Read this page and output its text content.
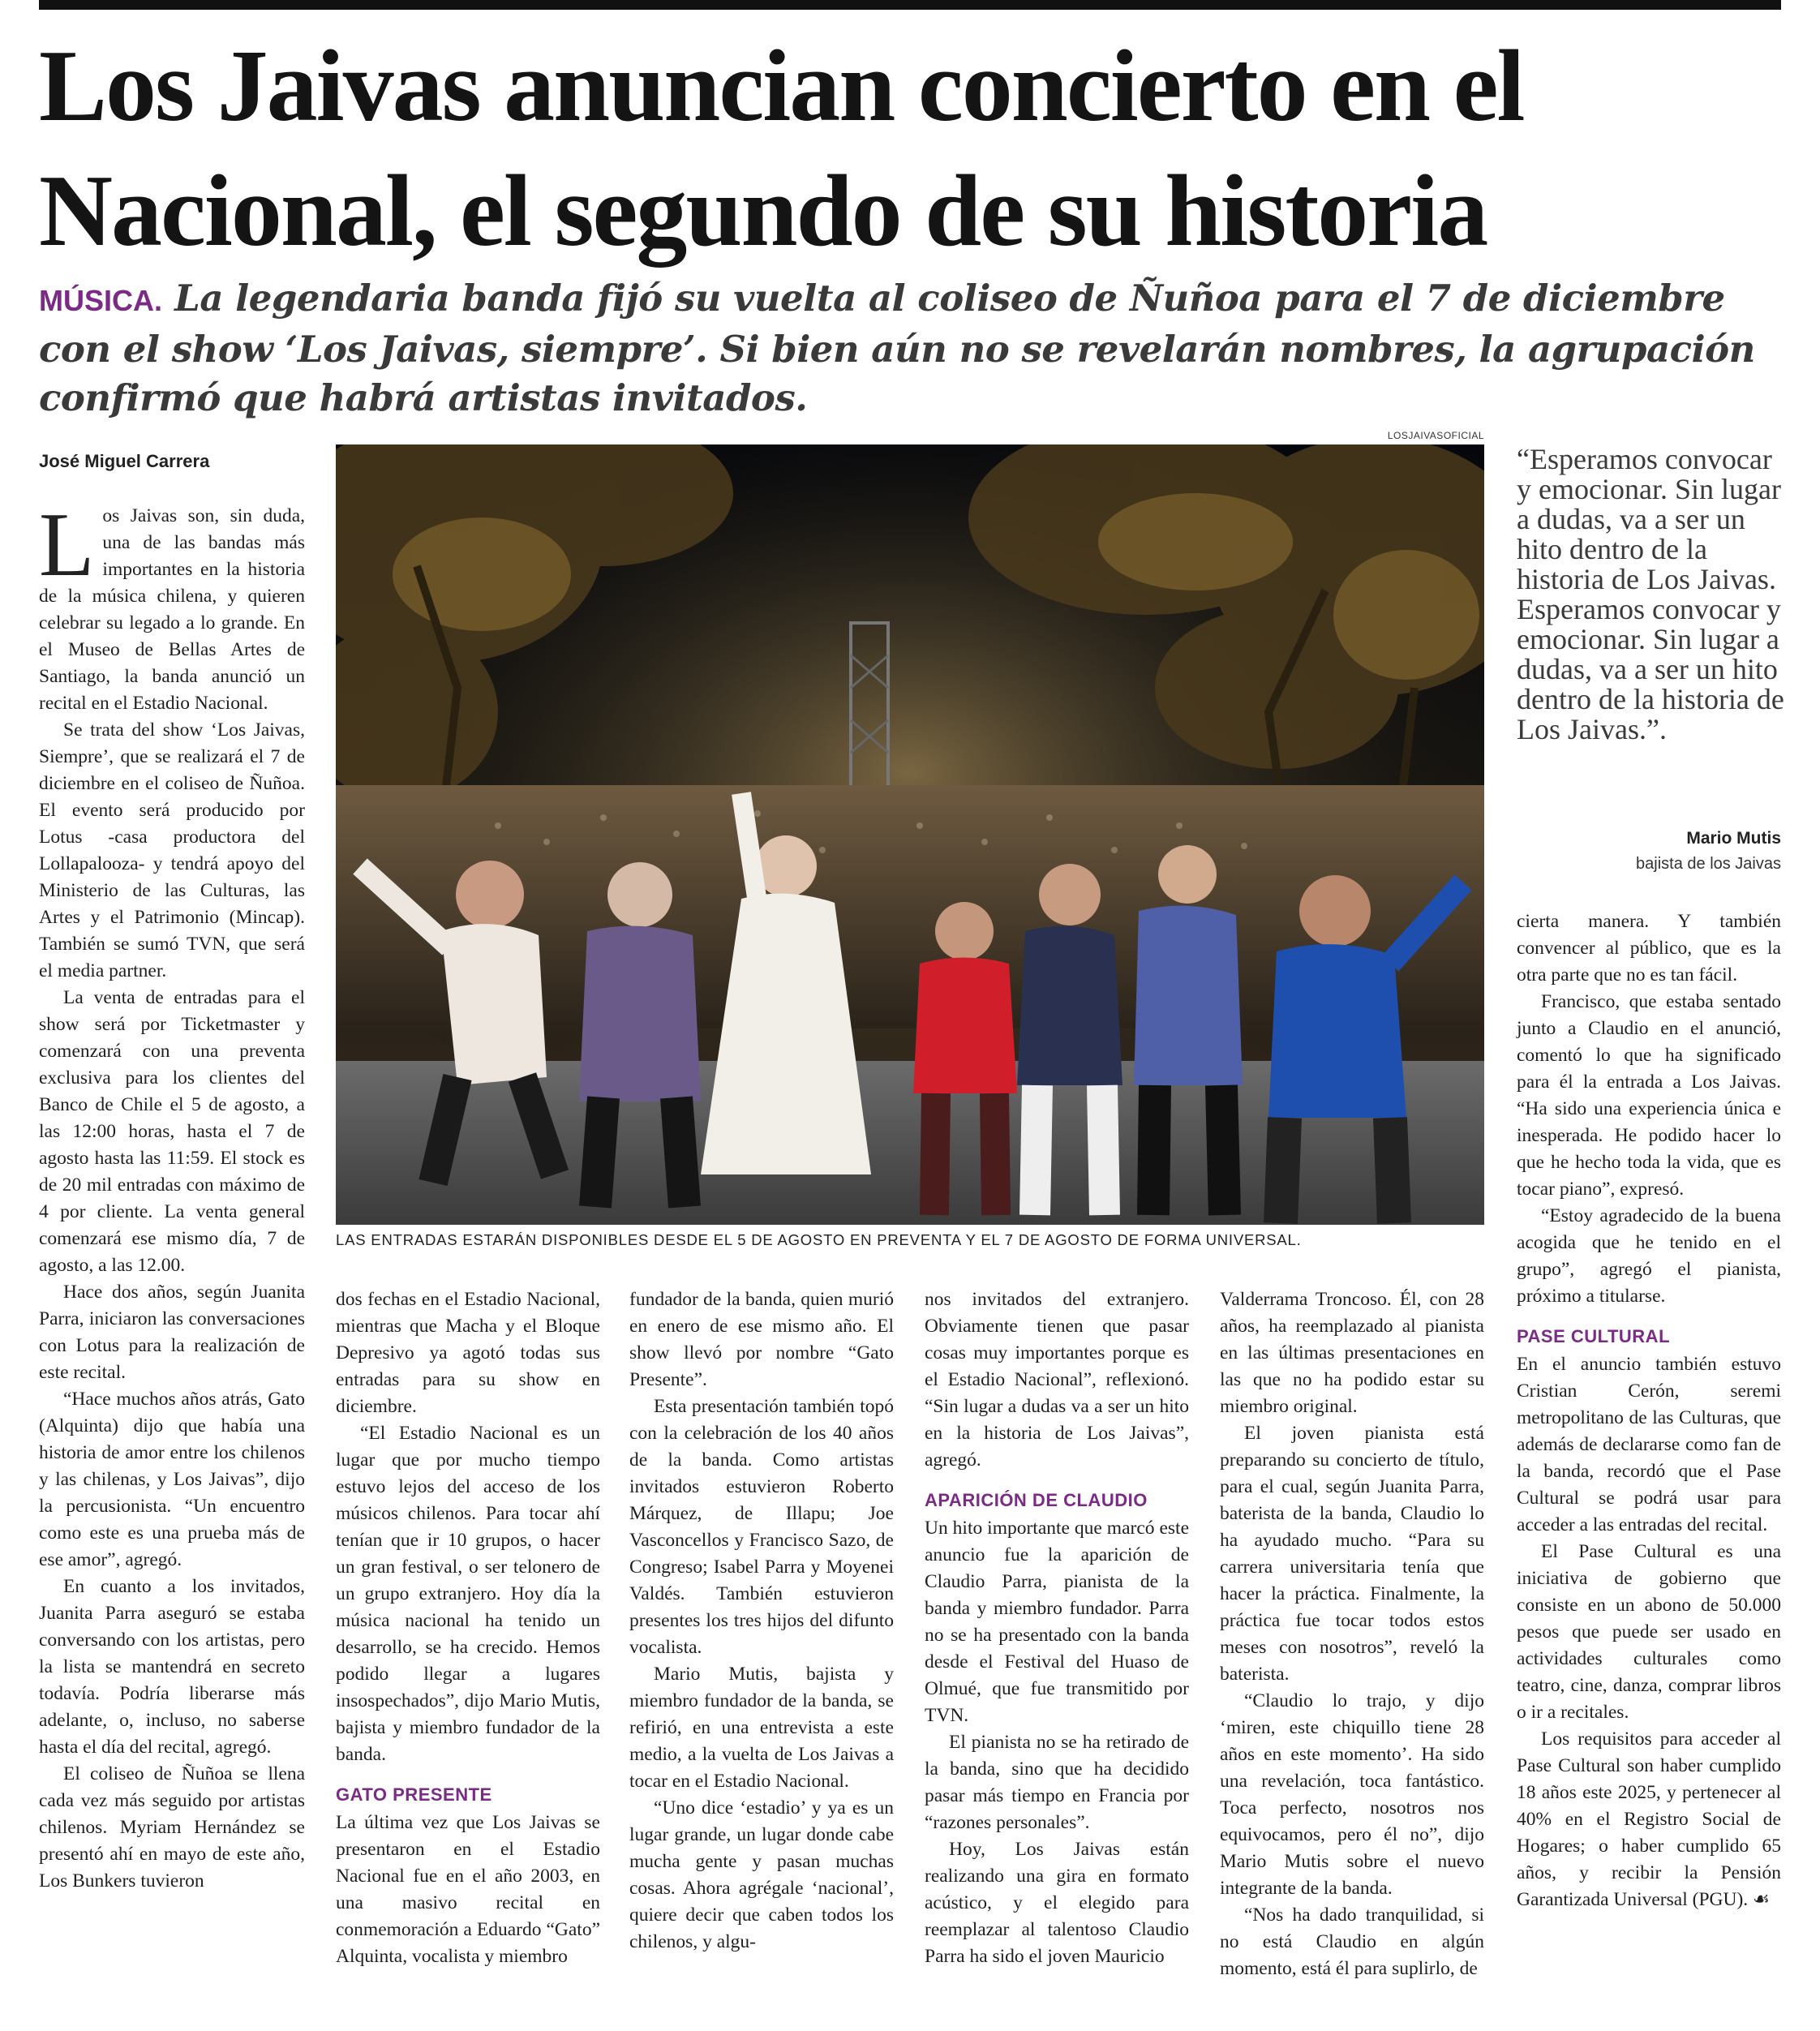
Los Jaivas anuncian concierto en el Nacional, el segundo de su historia

MÚSICA. La legendaria banda fijó su vuelta al coliseo de Ñuñoa para el 7 de diciembre con el show ‘Los Jaivas, siempre’. Si bien aún no se revelarán nombres, la agrupación confirmó que habrá artistas invitados.

José Miguel Carrera

LOSJAIVASOFICIAL
LAS ENTRADAS ESTARÁN DISPONIBLES DESDE EL 5 DE AGOSTO EN PREVENTA Y EL 7 DE AGOSTO DE FORMA UNIVERSAL.

Los Jaivas son, sin duda, una de las bandas más importantes en la historia de la música chilena, y quieren celebrar su legado a lo grande. En el Museo de Bellas Artes de Santiago, la banda anunció un recital en el Estadio Nacional.

Se trata del show ‘Los Jaivas, Siempre’, que se realizará el 7 de diciembre en el coliseo de Ñuñoa. El evento será producido por Lotus -casa productora del Lollapalooza- y tendrá apoyo del Ministerio de las Culturas, las Artes y el Patrimonio (Mincap). También se sumó TVN, que será el media partner.

La venta de entradas para el show será por Ticketmaster y comenzará con una preventa exclusiva para los clientes del Banco de Chile el 5 de agosto, a las 12:00 horas, hasta el 7 de agosto hasta las 11:59. El stock es de 20 mil entradas con máximo de 4 por cliente. La venta general comenzará ese mismo día, 7 de agosto, a las 12.00.

Hace dos años, según Juanita Parra, iniciaron las conversaciones con Lotus para la realización de este recital.

“Hace muchos años atrás, Gato (Alquinta) dijo que había una historia de amor entre los chilenos y las chilenas, y Los Jaivas”, dijo la percusionista. “Un encuentro como este es una prueba más de ese amor”, agregó.

En cuanto a los invitados, Juanita Parra aseguró se estaba conversando con los artistas, pero la lista se mantendrá en secreto todavía. Podría liberarse más adelante, o, incluso, no saberse hasta el día del recital, agregó.

El coliseo de Ñuñoa se llena cada vez más seguido por artistas chilenos. Myriam Hernández se presentó ahí en mayo de este año, Los Bunkers tuvieron

dos fechas en el Estadio Nacional, mientras que Macha y el Bloque Depresivo ya agotó todas sus entradas para su show en diciembre.

“El Estadio Nacional es un lugar que por mucho tiempo estuvo lejos del acceso de los músicos chilenos. Para tocar ahí tenían que ir 10 grupos, o hacer un gran festival, o ser telonero de un grupo extranjero. Hoy día la música nacional ha tenido un desarrollo, se ha crecido. Hemos podido llegar a lugares insospechados”, dijo Mario Mutis, bajista y miembro fundador de la banda.

GATO PRESENTE

La última vez que Los Jaivas se presentaron en el Estadio Nacional fue en el año 2003, en una masivo recital en conmemoración a Eduardo “Gato” Alquinta, vocalista y miembro

fundador de la banda, quien murió en enero de ese mismo año. El show llevó por nombre “Gato Presente”.

Esta presentación también topó con la celebración de los 40 años de la banda. Como artistas invitados estuvieron Roberto Márquez, de Illapu; Joe Vasconcellos y Francisco Sazo, de Congreso; Isabel Parra y Moyenei Valdés. También estuvieron presentes los tres hijos del difunto vocalista.

Mario Mutis, bajista y miembro fundador de la banda, se refirió, en una entrevista a este medio, a la vuelta de Los Jaivas a tocar en el Estadio Nacional.

“Uno dice ‘estadio’ y ya es un lugar grande, un lugar donde cabe mucha gente y pasan muchas cosas. Ahora agrégale ‘nacional’, quiere decir que caben todos los chilenos, y algu-

nos invitados del extranjero. Obviamente tienen que pasar cosas muy importantes porque es el Estadio Nacional”, reflexionó. “Sin lugar a dudas va a ser un hito en la historia de Los Jaivas”, agregó.

APARICIÓN DE CLAUDIO

Un hito importante que marcó este anuncio fue la aparición de Claudio Parra, pianista de la banda y miembro fundador. Parra no se ha presentado con la banda desde el Festival del Huaso de Olmué, que fue transmitido por TVN.

El pianista no se ha retirado de la banda, sino que ha decidido pasar más tiempo en Francia por “razones personales”.

Hoy, Los Jaivas están realizando una gira en formato acústico, y el elegido para reemplazar al talentoso Claudio Parra ha sido el joven Mauricio

Valderrama Troncoso. Él, con 28 años, ha reemplazado al pianista en las últimas presentaciones en las que no ha podido estar su miembro original.

El joven pianista está preparando su concierto de título, para el cual, según Juanita Parra, baterista de la banda, Claudio lo ha ayudado mucho. “Para su carrera universitaria tenía que hacer la práctica. Finalmente, la práctica fue tocar todos estos meses con nosotros”, reveló la baterista.

“Claudio lo trajo, y dijo ‘miren, este chiquillo tiene 28 años en este momento’. Ha sido una revelación, toca fantástico. Toca perfecto, nosotros nos equivocamos, pero él no”, dijo Mario Mutis sobre el nuevo integrante de la banda.

“Nos ha dado tranquilidad, si no está Claudio en algún momento, está él para suplirlo, de

“Esperamos convocar y emocionar. Sin lugar a dudas, va a ser un hito dentro de la historia de Los Jaivas. Esperamos convocar y emocionar. Sin lugar a dudas, va a ser un hito dentro de la historia de Los Jaivas.”.

Mario Mutis
bajista de los Jaivas

cierta manera. Y también convencer al público, que es la otra parte que no es tan fácil.

Francisco, que estaba sentado junto a Claudio en el anunció, comentó lo que ha significado para él la entrada a Los Jaivas. “Ha sido una experiencia única e inesperada. He podido hacer lo que he hecho toda la vida, que es tocar piano”, expresó.

“Estoy agradecido de la buena acogida que he tenido en el grupo”, agregó el pianista, próximo a titularse.

PASE CULTURAL

En el anuncio también estuvo Cristian Cerón, seremi metropolitano de las Culturas, que además de declararse como fan de la banda, recordó que el Pase Cultural se podrá usar para acceder a las entradas del recital.

El Pase Cultural es una iniciativa de gobierno que consiste en un abono de 50.000 pesos que puede ser usado en actividades culturales como teatro, cine, danza, comprar libros o ir a recitales.

Los requisitos para acceder al Pase Cultural son haber cumplido 18 años este 2025, y pertenecer al 40% en el Registro Social de Hogares; o haber cumplido 65 años, y recibir la Pensión Garantizada Universal (PGU). ☙
